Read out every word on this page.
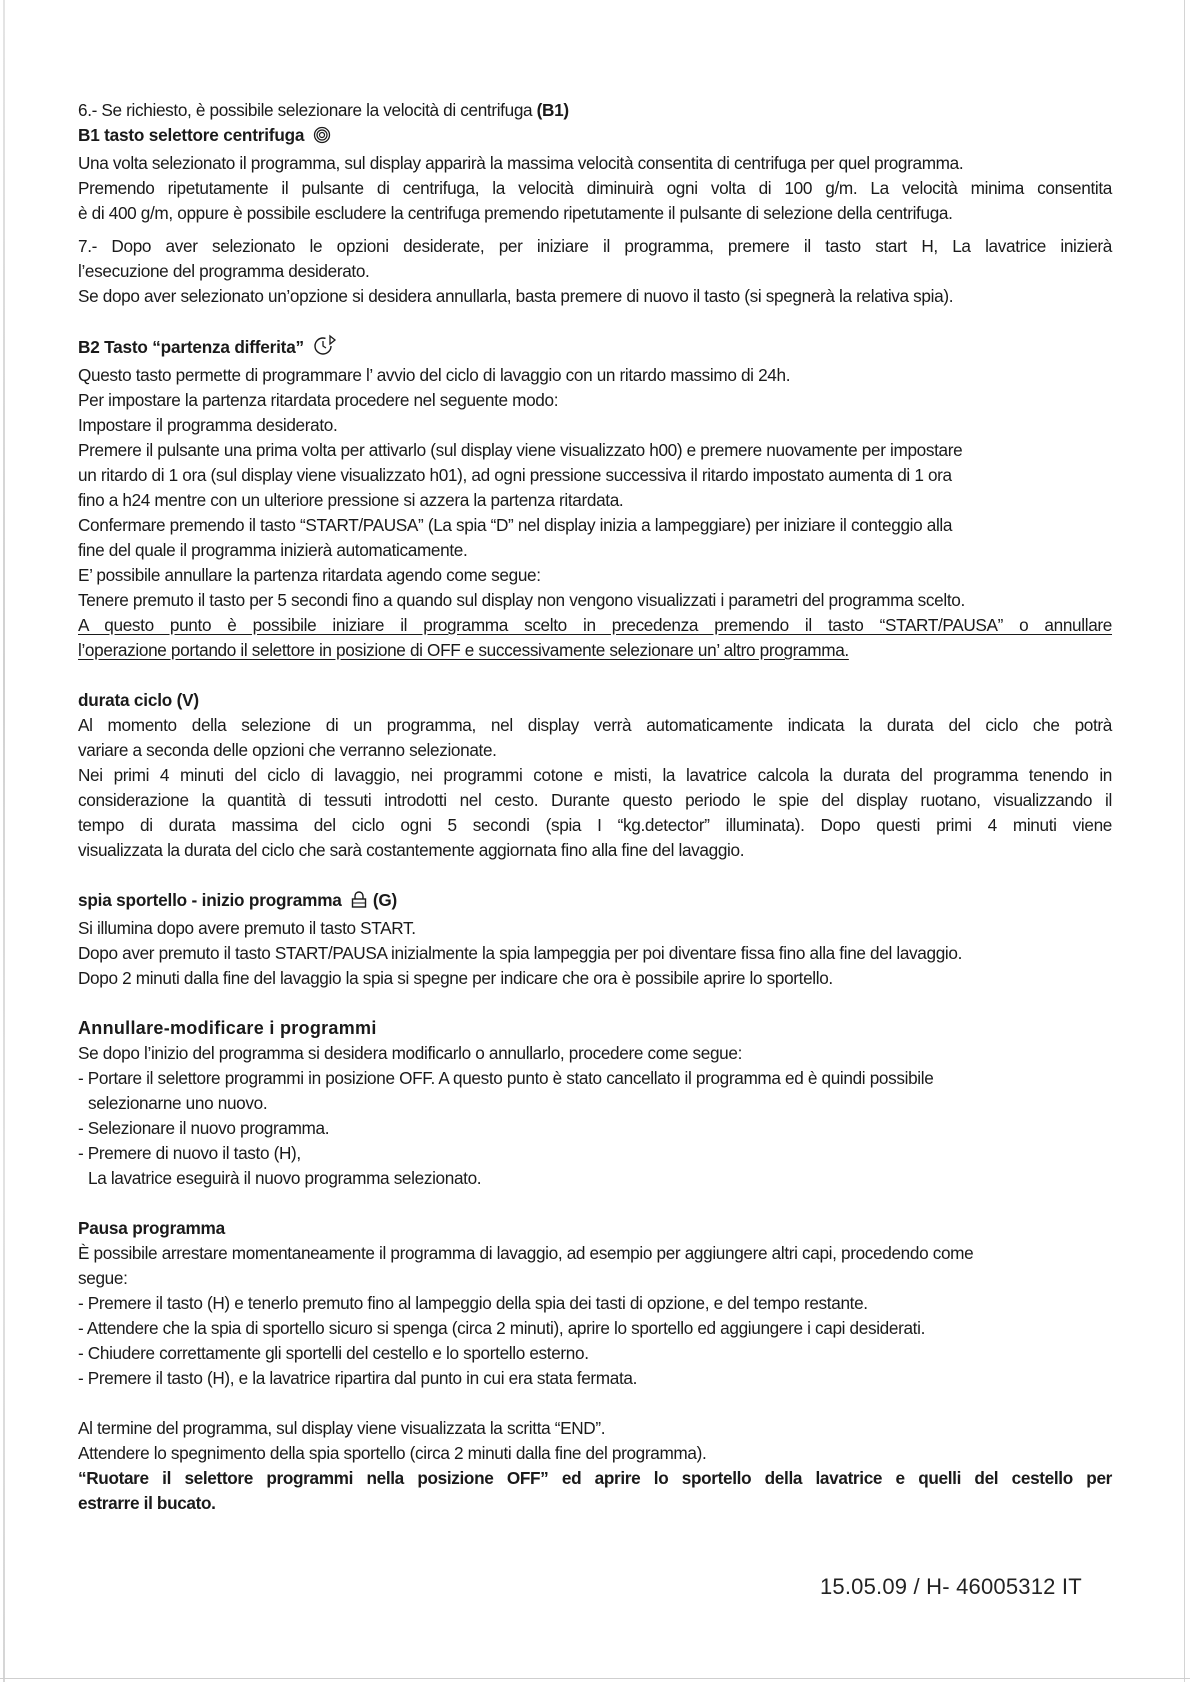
6.- Se richiesto, è possibile selezionare la velocità di centrifuga (B1)

B1 tasto selettore centrifuga

Una volta selezionato il programma, sul display apparirà la massima velocità consentita di centrifuga per quel programma.

Premendo ripetutamente il pulsante di centrifuga, la velocità diminuirà ogni volta di 100 g/m. La velocità minima consentita

è di 400 g/m, oppure è possibile escludere la centrifuga premendo ripetutamente il pulsante di selezione della centrifuga.

7.- Dopo aver selezionato le opzioni desiderate, per iniziare il programma, premere il tasto start H, La lavatrice inizierà

l’esecuzione del programma desiderato.

Se dopo aver selezionato un’opzione si desidera annullarla, basta premere di nuovo il tasto (si spegnerà la relativa spia).

B2 Tasto “partenza differita”

Questo tasto permette di programmare l’ avvio del ciclo di lavaggio con un ritardo massimo di 24h.

Per impostare la partenza ritardata procedere nel seguente modo:

Impostare il programma desiderato.

Premere il pulsante una prima volta per attivarlo (sul display viene visualizzato h00) e premere nuovamente per impostare

un ritardo di 1 ora (sul display viene visualizzato h01), ad ogni pressione successiva il ritardo impostato aumenta di 1 ora

fino a h24 mentre con un ulteriore pressione si azzera la partenza ritardata.

Confermare premendo il tasto “START/PAUSA” (La spia “D” nel display inizia a lampeggiare) per iniziare il conteggio alla

fine del quale il programma inizierà automaticamente.

E’ possibile annullare la partenza ritardata agendo come segue:

Tenere premuto il tasto per 5 secondi fino a quando sul display non vengono visualizzati i parametri del programma scelto.

A questo punto è possibile iniziare il programma scelto in precedenza premendo il tasto “START/PAUSA” o annullare

l’operazione portando il selettore in posizione di OFF e successivamente selezionare un’ altro programma.

durata ciclo (V)

Al momento della selezione di un programma, nel display verrà automaticamente indicata la durata del ciclo che potrà

variare a seconda delle opzioni che verranno selezionate.

Nei primi 4 minuti del ciclo di lavaggio, nei programmi cotone e misti, la lavatrice calcola la durata del programma tenendo in

considerazione la quantità di tessuti introdotti nel cesto. Durante questo periodo le spie del display ruotano, visualizzando il

tempo di durata massima del ciclo ogni 5 secondi (spia I “kg.detector” illuminata). Dopo questi primi 4 minuti viene

visualizzata la durata del ciclo che sarà costantemente aggiornata fino alla fine del lavaggio.

spia sportello - inizio programma (G)

Si illumina dopo avere premuto il tasto START.

Dopo aver premuto il tasto START/PAUSA inizialmente la spia lampeggia per poi diventare fissa fino alla fine del lavaggio.

Dopo 2 minuti dalla fine del lavaggio la spia si spegne per indicare che ora è possibile aprire lo sportello.

Annullare-modificare i programmi

Se dopo l’inizio del programma si desidera modificarlo o annullarlo, procedere come segue:

- Portare il selettore programmi in posizione OFF. A questo punto è stato cancellato il programma ed è quindi possibile

selezionarne uno nuovo.

- Selezionare il nuovo programma.

- Premere di nuovo il tasto (H),

La lavatrice eseguirà il nuovo programma selezionato.

Pausa programma

È possibile arrestare momentaneamente il programma di lavaggio, ad esempio per aggiungere altri capi, procedendo come

segue:

- Premere il tasto (H) e tenerlo premuto fino al lampeggio della spia dei tasti di opzione, e del tempo restante.

- Attendere che la spia di sportello sicuro si spenga (circa 2 minuti), aprire lo sportello ed aggiungere i capi desiderati.

- Chiudere correttamente gli sportelli del cestello e lo sportello esterno.

- Premere il tasto (H), e la lavatrice ripartira dal punto in cui era stata fermata.

Al termine del programma, sul display viene visualizzata la scritta “END”.

Attendere lo spegnimento della spia sportello (circa 2 minuti dalla fine del programma).

“Ruotare il selettore programmi nella posizione OFF” ed aprire lo sportello della lavatrice e quelli del cestello per

estrarre il bucato.

15.05.09 / H- 46005312 IT
